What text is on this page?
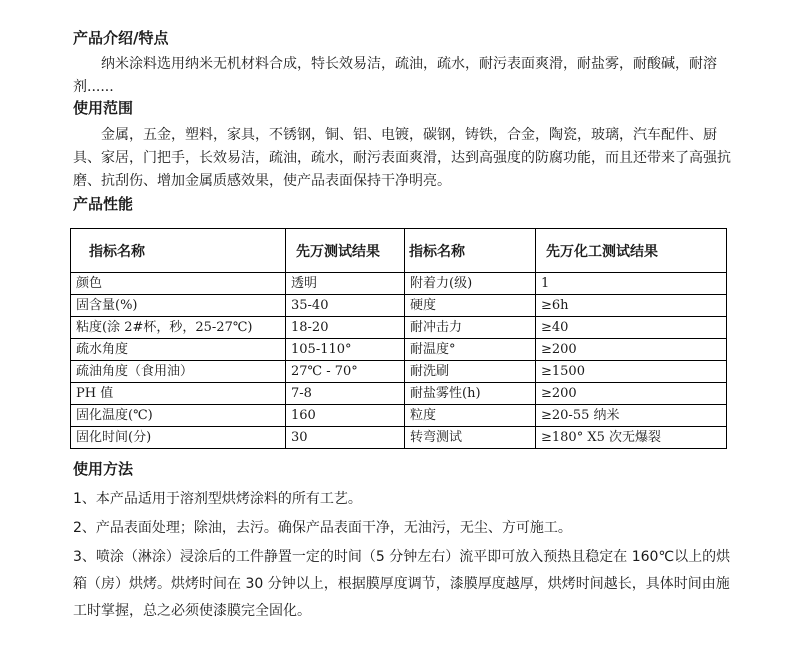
产品介绍/特点

纳米涂料选用纳米无机材料合成，特长效易洁，疏油，疏水，耐污表面爽滑，耐盐雾，耐酸碱，耐溶剂......

使用范围

金属，五金，塑料，家具，不锈钢，铜、铝、电镀，碳钢，铸铁，合金，陶瓷，玻璃，汽车配件、厨具、家居，门把手，长效易洁，疏油，疏水，耐污表面爽滑，达到高强度的防腐功能，而且还带来了高强抗磨、抗刮伤、增加金属质感效果，使产品表面保持干净明亮。

产品性能
指标名称	先万测试结果	指标名称	先万化工测试结果
颜色	透明	附着力(级)	1
固含量(%)	35-40	硬度	≥6h
粘度(涂 2#杯，秒，25-27℃)	18-20	耐冲击力	≥40
疏水角度	105-110°	耐温度°	≥200
疏油角度（食用油）	27℃ - 70°	耐洗刷	≥1500
PH 值	7-8	耐盐雾性(h)	≥200
固化温度(℃)	160	粒度	≥20-55 纳米
固化时间(分)	30	转弯测试	≥180° X5 次无爆裂
使用方法

1、本产品适用于溶剂型烘烤涂料的所有工艺。

2、产品表面处理；除油，去污。确保产品表面干净，无油污，无尘、方可施工。

3、喷涂（淋涂）浸涂后的工件静置一定的时间（5 分钟左右）流平即可放入预热且稳定在 160℃以上的烘箱（房）烘烤。烘烤时间在 30 分钟以上，根据膜厚度调节，漆膜厚度越厚，烘烤时间越长，具体时间由施工时掌握，总之必须使漆膜完全固化。
